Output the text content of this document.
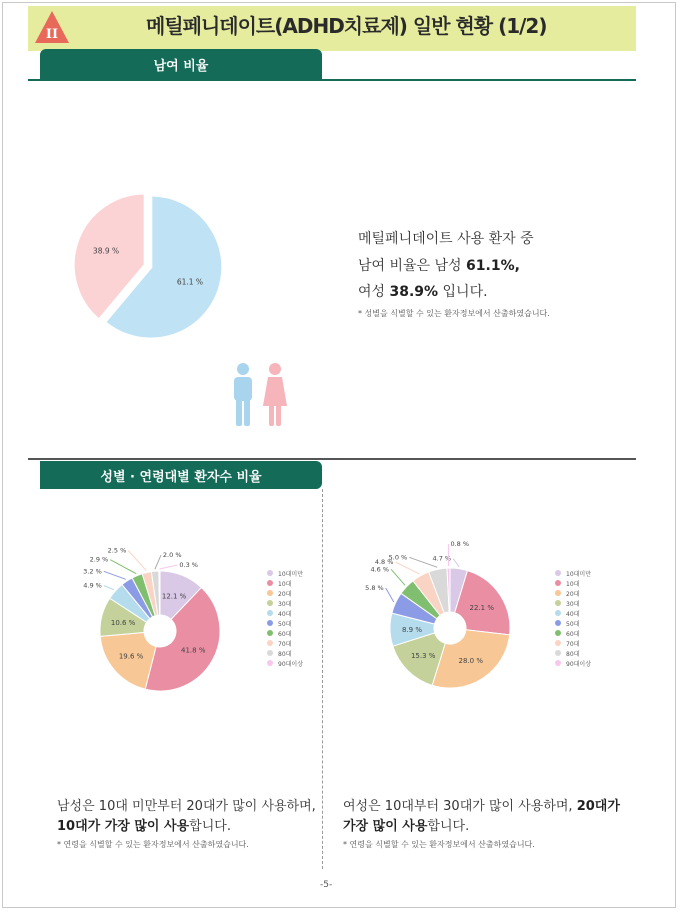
II	메틸페니데이트(ADHD치료제) 일반 현황 (1/2)
남여 비율
61.1 %
38.9 %
메틸페니데이트 사용 환자 중
남여 비율은 남성 61.1%,
여성 38.9% 입니다.
* 성별을 식별할 수 있는 환자정보에서 산출하였습니다.
성별 · 연령대별 환자수 비율
12.1 %
41.8 %
19.6 %
10.6 %
4.9 %
3.2 %
2.9 %
2.5 %
2.0 %
0.3 %
10대미만
10대
20대
30대
40대
50대
60대
70대
80대
90대이상
22.1 %
28.0 %
15.3 %
8.9 %
4.7 %
5.8 %
4.6 %
4.8 %
5.0 %
0.8 %
10대미만
10대
20대
30대
40대
50대
60대
70대
80대
90대이상
남성은 10대 미만부터 20대가 많이 사용하며,
10대가 가장 많이 사용합니다.
* 연령을 식별할 수 있는 환자정보에서 산출하였습니다.
여성은 10대부터 30대가 많이 사용하며, 20대가
가장 많이 사용합니다.
* 연령을 식별할 수 있는 환자정보에서 산출하였습니다.
-5-
